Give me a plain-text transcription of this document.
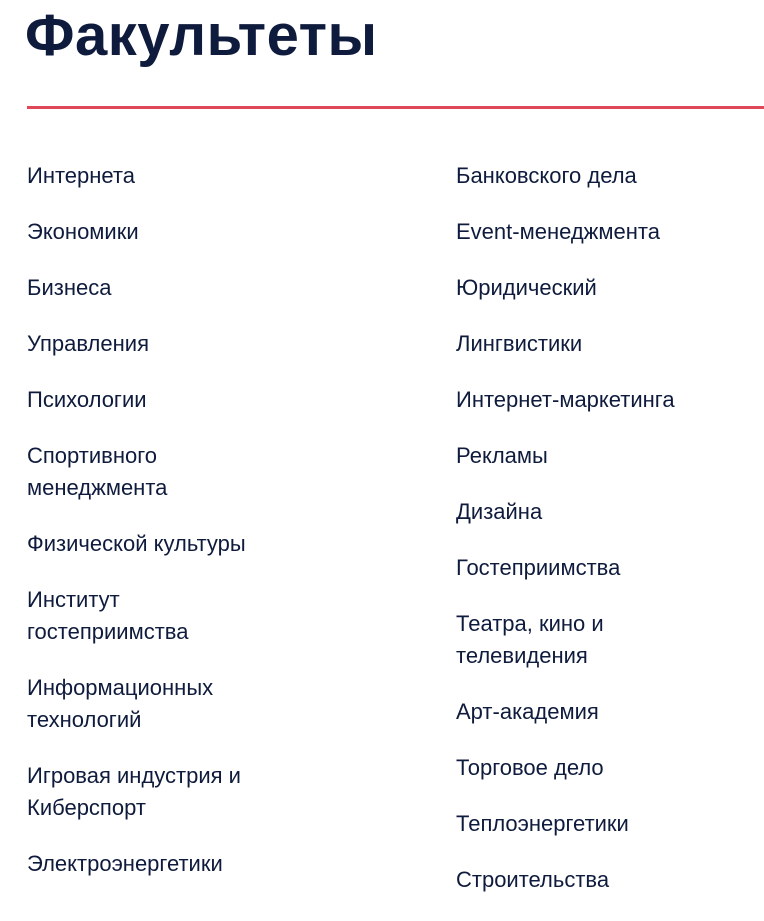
Факультеты
Интернета
Экономики
Бизнеса
Управления
Психологии
Спортивного менеджмента
Физической культуры
Институт гостеприимства
Информационных технологий
Игровая индустрия и Киберспорт
Электроэнергетики
Банковского дела
Event-менеджмента
Юридический
Лингвистики
Интернет-маркетинга
Рекламы
Дизайна
Гостеприимства
Театра, кино и телевидения
Арт-академия
Торговое дело
Теплоэнергетики
Строительства
